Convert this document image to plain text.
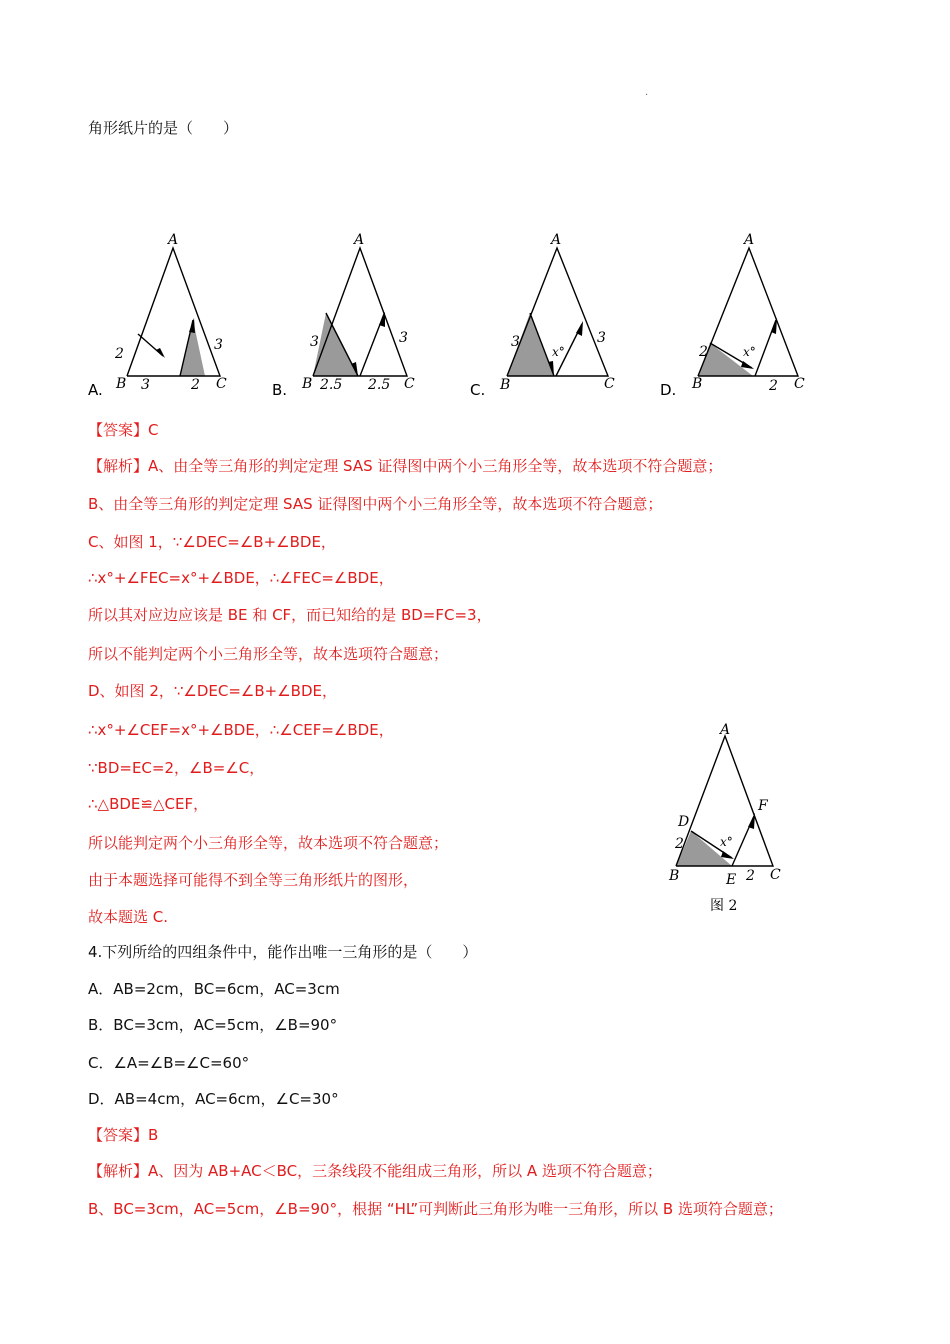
·
角形纸片的是（　　）
A.
A
B	C
2
3
3
2	B.
A
B	C
3
2.5
3
2.5	C.
A
B	C
3	3
x°
D.
A
B	C
2
2
x°
【答案】C
【解析】A、由全等三角形的判定定理 SAS 证得图中两个小三角形全等，故本选项不符合题意；
B、由全等三角形的判定定理 SAS 证得图中两个小三角形全等，故本选项不符合题意；
C、如图 1，∵∠DEC=∠B+∠BDE，
∴x°+∠FEC=x°+∠BDE，∴∠FEC=∠BDE，
所以其对应边应该是 BE 和 CF，而已知给的是 BD=FC=3，
所以不能判定两个小三角形全等，故本选项符合题意；
D、如图 2，∵∠DEC=∠B+∠BDE，
∴x°+∠CEF=x°+∠BDE，∴∠CEF=∠BDE，
∵BD=EC=2，∠B=∠C，
∴△BDE≌△CEF，
所以能判定两个小三角形全等，故本选项不符合题意；
由于本题选择可能得不到全等三角形纸片的图形，
故本题选 C.
A
B	C
D
E
F
2
2
x°
图 2
4.下列所给的四组条件中，能作出唯一三角形的是（　　）
A．AB=2cm，BC=6cm，AC=3cm
B．BC=3cm，AC=5cm，∠B=90°
C．∠A=∠B=∠C=60°
D．AB=4cm，AC=6cm，∠C=30°
【答案】B
【解析】A、因为 AB+AC＜BC，三条线段不能组成三角形，所以 A 选项不符合题意；
B、BC=3cm，AC=5cm，∠B=90°，根据 “HL”可判断此三角形为唯一三角形，所以 B 选项符合题意；
